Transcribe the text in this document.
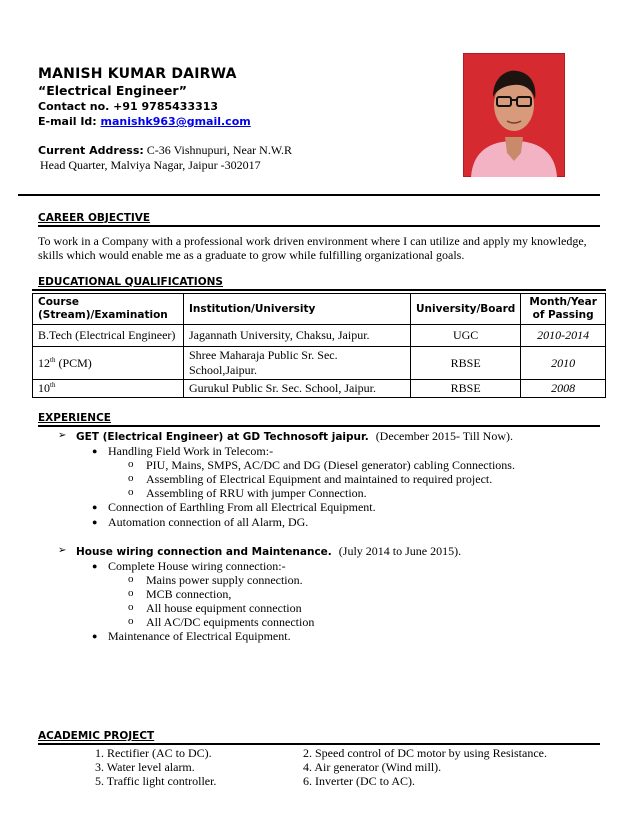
MANISH KUMAR DAIRWA
“Electrical Engineer”
Contact no. +91 9785433313
E-mail Id: manishk963@gmail.com
Current Address: C-36 Vishnupuri, Near N.W.R
Head Quarter, Malviya Nagar, Jaipur -302017
CAREER OBJECTIVE
To work in a Company with a professional work driven environment where I can utilize and apply my knowledge, skills which would enable me as a graduate to grow while fulfilling organizational goals.
EDUCATIONAL QUALIFICATIONS
Course (Stream)/Examination	Institution/University	University/Board	Month/Year of Passing
B.Tech (Electrical Engineer)	Jagannath University, Chaksu, Jaipur.	UGC	2010-2014
12th (PCM)	Shree Maharaja Public Sr. Sec. School,Jaipur.	RBSE	2010
10th	Gurukul Public Sr. Sec. School, Jaipur.	RBSE	2008
EXPERIENCE
➢ GET (Electrical Engineer) at GD Technosoft jaipur. (December 2015- Till Now).
● Handling Field Work in Telecom:-
o PIU, Mains, SMPS, AC/DC and DG (Diesel generator) cabling Connections.
o Assembling of Electrical Equipment and maintained to required project.
o Assembling of RRU with jumper Connection.
● Connection of Earthling From all Electrical Equipment.
● Automation connection of all Alarm, DG.
➢ House wiring connection and Maintenance. (July 2014 to June 2015).
● Complete House wiring connection:-
o Mains power supply connection.
o MCB connection,
o All house equipment connection
o All AC/DC equipments connection
● Maintenance of Electrical Equipment.
ACADEMIC PROJECT
1. Rectifier (AC to DC).	2. Speed control of DC motor by using Resistance.
3. Water level alarm.	4. Air generator (Wind mill).
5. Traffic light controller.	6. Inverter (DC to AC).
